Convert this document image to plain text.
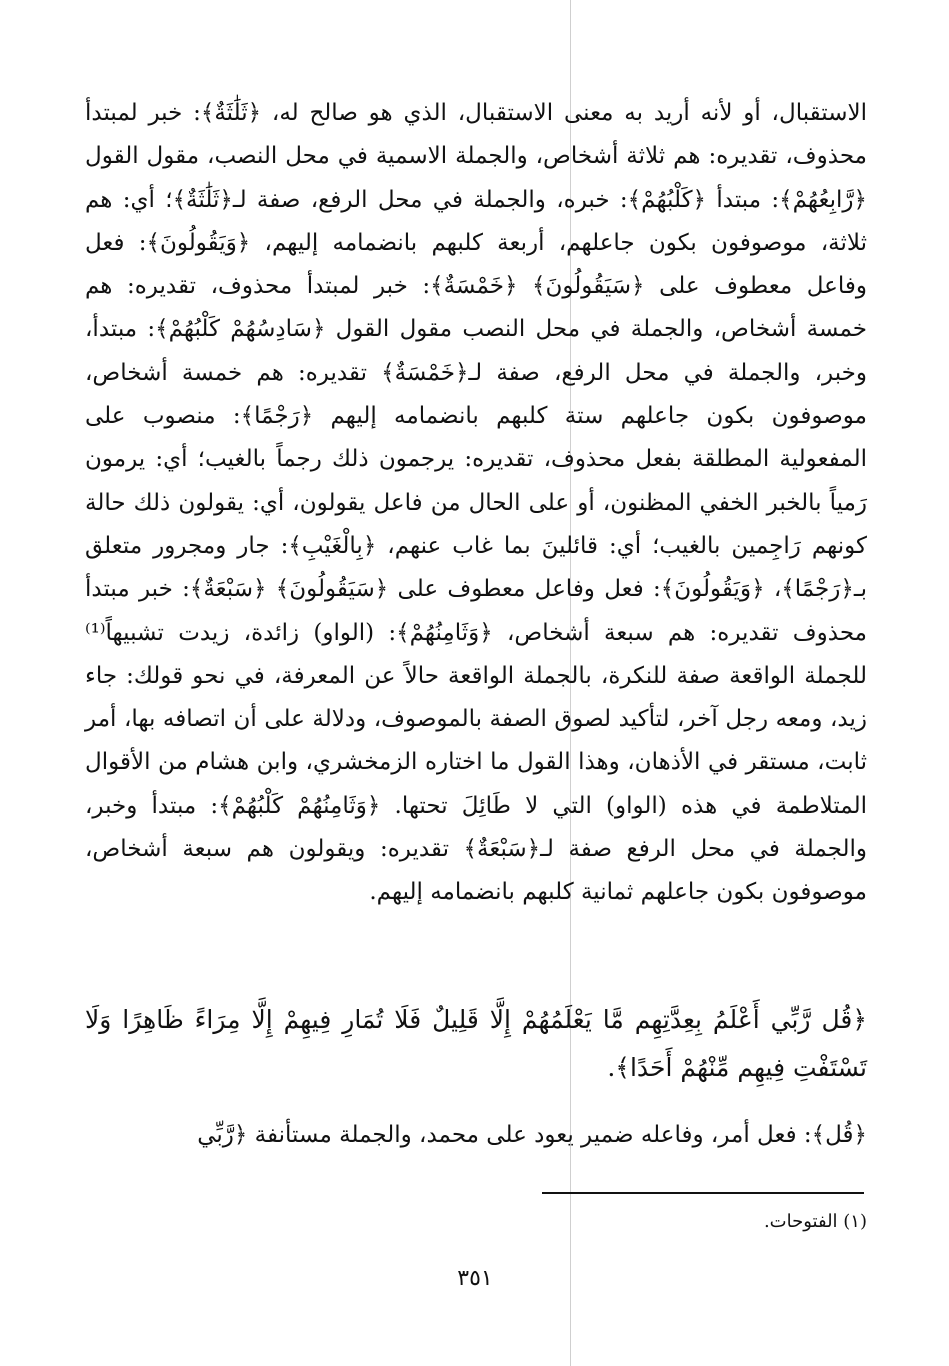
الاستقبال، أو لأنه أريد به معنى الاستقبال، الذي هو صالح له، ﴿ثَلَٰثَةٌ﴾: خبر لمبتدأ محذوف، تقديره: هم ثلاثة أشخاص، والجملة الاسمية في محل النصب، مقول القول ﴿رَّابِعُهُمْ﴾: مبتدأ ﴿كَلْبُهُمْ﴾: خبره، والجملة في محل الرفع، صفة لـ﴿ثَلَٰثَةٌ﴾؛ أي: هم ثلاثة، موصوفون بكون جاعلهم، أربعة كلبهم بانضمامه إليهم، ﴿وَيَقُولُونَ﴾: فعل وفاعل معطوف على ﴿سَيَقُولُونَ﴾ ﴿خَمْسَةٌ﴾: خبر لمبتدأ محذوف، تقديره: هم خمسة أشخاص، والجملة في محل النصب مقول القول ﴿سَادِسُهُمْ كَلْبُهُمْ﴾: مبتدأ، وخبر، والجملة في محل الرفع، صفة لـ﴿خَمْسَةٌ﴾ تقديره: هم خمسة أشخاص، موصوفون بكون جاعلهم ستة كلبهم بانضمامه إليهم ﴿رَجْمًا﴾: منصوب على المفعولية المطلقة بفعل محذوف، تقديره: يرجمون ذلك رجماً بالغيب؛ أي: يرمون رَمياً بالخبر الخفي المظنون، أو على الحال من فاعل يقولون، أي: يقولون ذلك حالة كونهم رَاجِمين بالغيب؛ أي: قائلينَ بما غاب عنهم، ﴿بِالْغَيْبِ﴾: جار ومجرور متعلق بـ﴿رَجْمًا﴾، ﴿وَيَقُولُونَ﴾: فعل وفاعل معطوف على ﴿سَيَقُولُونَ﴾ ﴿سَبْعَةٌ﴾: خبر مبتدأ محذوف تقديره: هم سبعة أشخاص، ﴿وَثَامِنُهُمْ﴾: (الواو) زائدة، زيدت تشبيهاً⁽¹⁾ للجملة الواقعة صفة للنكرة، بالجملة الواقعة حالاً عن المعرفة، في نحو قولك: جاء زيد، ومعه رجل آخر، لتأكيد لصوق الصفة بالموصوف، ودلالة على أن اتصافه بها، أمر ثابت، مستقر في الأذهان، وهذا القول ما اختاره الزمخشري، وابن هشام من الأقوال المتلاطمة في هذه (الواو) التي لا طَائِلَ تحتها. ﴿وَثَامِنُهُمْ كَلْبُهُمْ﴾: مبتدأ وخبر، والجملة في محل الرفع صفة لـ﴿سَبْعَةٌ﴾ تقديره: ويقولون هم سبعة أشخاص، موصوفون بكون جاعلهم ثمانية كلبهم بانضمامه إليهم.

﴿قُل رَّبِّي أَعْلَمُ بِعِدَّتِهِم مَّا يَعْلَمُهُمْ إِلَّا قَلِيلٌ فَلَا تُمَارِ فِيهِمْ إِلَّا مِرَاءً ظَاهِرًا وَلَا تَسْتَفْتِ فِيهِم مِّنْهُمْ أَحَدًا﴾.

﴿قُل﴾: فعل أمر، وفاعله ضمير يعود على محمد، والجملة مستأنفة ﴿رَّبِّي

(١) الفتوحات.

٣٥١
